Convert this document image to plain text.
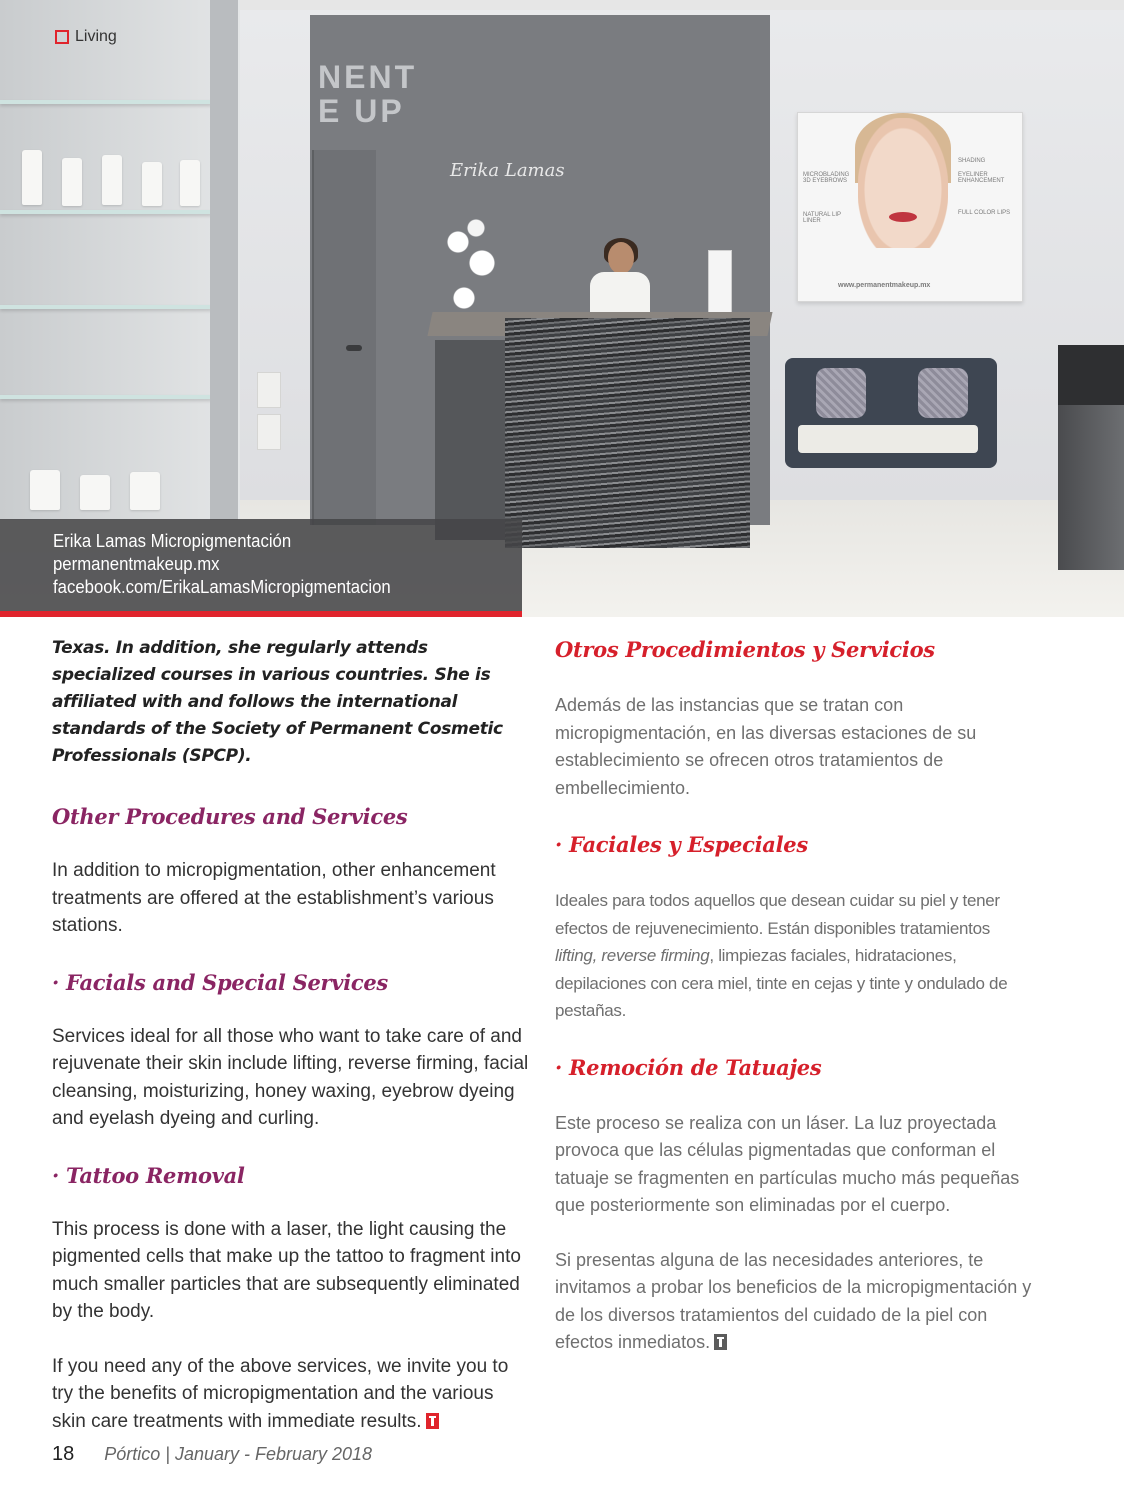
NENT
E UP
Erika Lamas	MICROBLADING 3D EYEBROWS
NATURAL LIP LINER
SHADING
EYELINER ENHANCEMENT
FULL COLOR LIPS
www.permanentmakeup.mx
Living
Erika Lamas Micropigmentación
permanentmakeup.mx
facebook.com/ErikaLamasMicropigmentacion

Texas. In addition, she regularly attends specialized courses in various countries. She is affiliated with and follows the international standards of the Society of Permanent Cosmetic Professionals (SPCP).

Other Procedures and Services

In addition to micropigmentation, other enhancement treatments are offered at the establishment’s various stations.

· Facials and Special Services

Services ideal for all those who want to take care of and rejuvenate their skin include lifting, reverse firming, facial cleansing, moisturizing, honey waxing, eyebrow dyeing and eyelash dyeing and curling.

· Tattoo Removal

This process is done with a laser, the light causing the pigmented cells that make up the tattoo to fragment into much smaller particles that are subsequently eliminated by the body.

If you need any of the above services, we invite you to try the benefits of micropigmentation and the various skin care treatments with immediate results.

Otros Procedimientos y Servicios

Además de las instancias que se tratan con micropigmentación, en las diversas estaciones de su establecimiento se ofrecen otros tratamientos de embellecimiento.

· Faciales y Especiales

Ideales para todos aquellos que desean cuidar su piel y tener efectos de rejuvenecimiento. Están disponibles tratamientos lifting, reverse firming, limpiezas faciales, hidrataciones, depilaciones con cera miel, tinte en cejas y tinte y ondulado de pestañas.

· Remoción de Tatuajes

Este proceso se realiza con un láser. La luz proyectada provoca que las células pigmentadas que conforman el tatuaje se fragmenten en partículas mucho más pequeñas que posteriormente son eliminadas por el cuerpo.

Si presentas alguna de las necesidades anteriores, te invitamos a probar los beneficios de la micropigmentación y de los diversos tratamientos del cuidado de la piel con efectos inmediatos.

18 Pórtico | January - February 2018
